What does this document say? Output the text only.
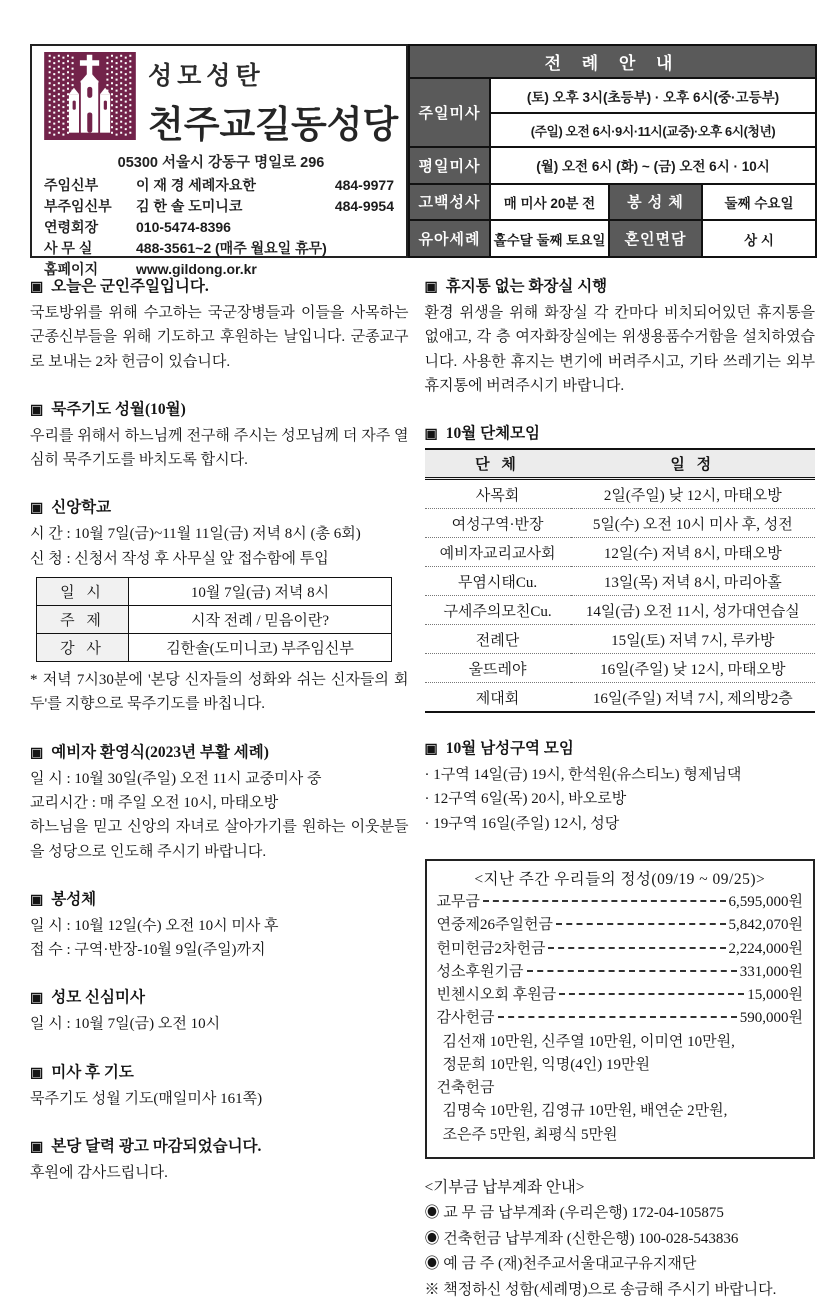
성모성탄
천주교길동성당
05300 서울시 강동구 명일로 296
주임신부	이 재 경 세례자요한	484-9977
부주임신부	김 한 솔 도미니코	484-9954
연령회장	010-5474-8396
사 무 실	488-3561~2 (매주 월요일 휴무)
홈페이지	www.gildong.or.kr
전 례 안 내			
주일미사	(토) 오후 3시(초등부) · 오후 6시(중·고등부)		
	(주일) 오전 6시·9시·11시(교중)·오후 6시(청년)		
평일미사	(월) 오전 6시 (화) ~ (금) 오전 6시 · 10시		
고백성사	매 미사 20분 전	봉 성 체	둘째 수요일
유아세례	홀수달 둘째 토요일	혼인면담	상 시
▣ 오늘은 군인주일입니다.

국토방위를 위해 수고하는 국군장병들과 이들을 사목하는 군종신부들을 위해 기도하고 후원하는 날입니다. 군종교구로 보내는 2차 헌금이 있습니다.

▣ 묵주기도 성월(10월)

우리를 위해서 하느님께 전구해 주시는 성모님께 더 자주 열심히 묵주기도를 바치도록 합시다.

▣ 신앙학교
시 간 : 10월 7일(금)~11월 11일(금) 저녁 8시 (총 6회)
신 청 : 신청서 작성 후 사무실 앞 접수함에 투입
일 시	10월 7일(금) 저녁 8시
주 제	시작 전례 / 믿음이란?
강 사	김한솔(도미니코) 부주임신부

* 저녁 7시30분에 '본당 신자들의 성화와 쉬는 신자들의 회두'를 지향으로 묵주기도를 바칩니다.

▣ 예비자 환영식(2023년 부활 세례)
일 시 : 10월 30일(주일) 오전 11시 교중미사 중
교리시간 : 매 주일 오전 10시, 마태오방

하느님을 믿고 신앙의 자녀로 살아가기를 원하는 이웃분들을 성당으로 인도해 주시기 바랍니다.

▣ 봉성체
일 시 : 10월 12일(수) 오전 10시 미사 후
접 수 : 구역·반장-10월 9일(주일)까지
▣ 성모 신심미사
일 시 : 10월 7일(금) 오전 10시
▣ 미사 후 기도
묵주기도 성월 기도(매일미사 161쪽)
▣ 본당 달력 광고 마감되었습니다.
후원에 감사드립니다.
▣ 휴지통 없는 화장실 시행

환경 위생을 위해 화장실 각 칸마다 비치되어있던 휴지통을 없애고, 각 층 여자화장실에는 위생용품수거함을 설치하였습니다. 사용한 휴지는 변기에 버려주시고, 기타 쓰레기는 외부 휴지통에 버려주시기 바랍니다.

▣ 10월 단체모임
단 체	일 정
사목회	2일(주일) 낮 12시, 마태오방
여성구역·반장	5일(수) 오전 10시 미사 후, 성전
예비자교리교사회	12일(수) 저녁 8시, 마태오방
무염시태Cu.	13일(목) 저녁 8시, 마리아홀
구세주의모친Cu.	14일(금) 오전 11시, 성가대연습실
전례단	15일(토) 저녁 7시, 루카방
울뜨레야	16일(주일) 낮 12시, 마태오방
제대회	16일(주일) 저녁 7시, 제의방2층
▣ 10월 남성구역 모임
· 1구역 14일(금) 19시, 한석원(유스티노) 형제님댁
· 12구역 6일(목) 20시, 바오로방
· 19구역 16일(주일) 12시, 성당
<지난 주간 우리들의 정성(09/19 ~ 09/25)>
교무금	6,595,000원
연중제26주일헌금	5,842,070원
헌미헌금2차헌금	2,224,000원
성소후원기금	331,000원
빈첸시오회 후원금	15,000원
감사헌금	590,000원
김선재 10만원, 신주열 10만원, 이미연 10만원,
정문희 10만원, 익명(4인) 19만원
건축헌금
김명숙 10만원, 김영규 10만원, 배연순 2만원,
조은주 5만원, 최평식 5만원
<기부금 납부계좌 안내>
◉ 교 무 금 납부계좌 (우리은행) 172-04-105875
◉ 건축헌금 납부계좌 (신한은행) 100-028-543836
◉ 예 금 주 (재)천주교서울대교구유지재단
※ 책정하신 성함(세례명)으로 송금해 주시기 바랍니다.
